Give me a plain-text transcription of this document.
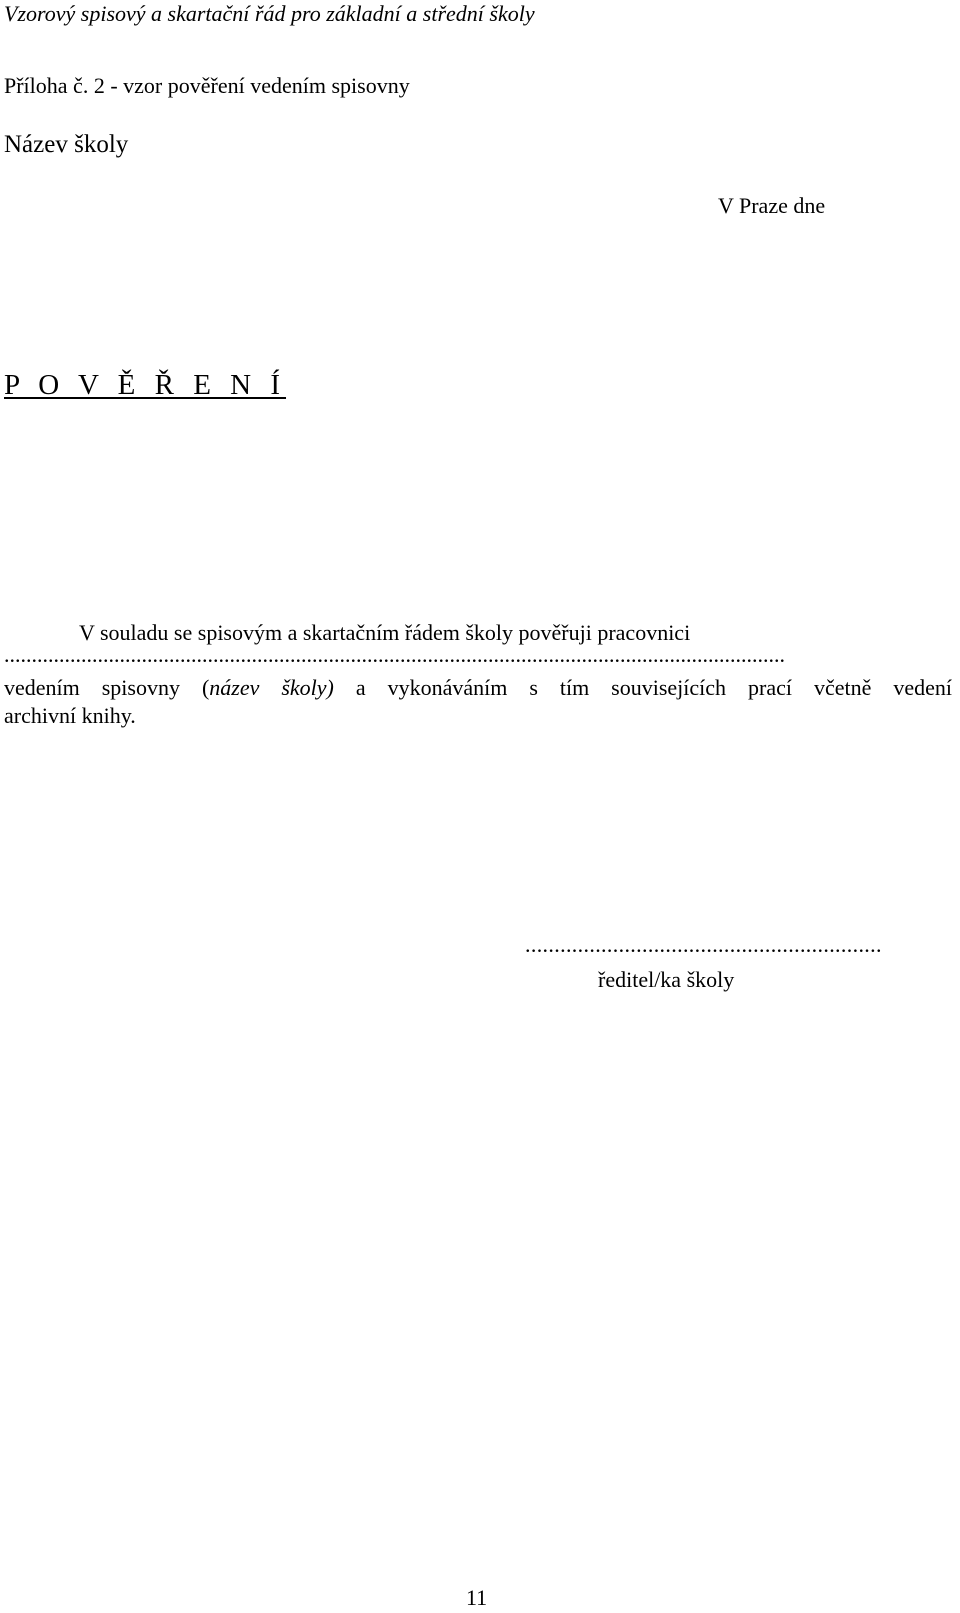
Vzorový spisový a skartační řád pro základní a střední školy
Příloha č. 2 - vzor pověření vedením spisovny
Název školy
V Praze dne
P O V Ě Ř E N Í
V souladu se spisovým a skartačním řádem školy pověřuji pracovnici
..............................................................................................................................................
vedením spisovny (název školy) a vykonáváním s tím souvisejících prací včetně vedení
archivní knihy.
.............................................................
ředitel/ka školy
11
